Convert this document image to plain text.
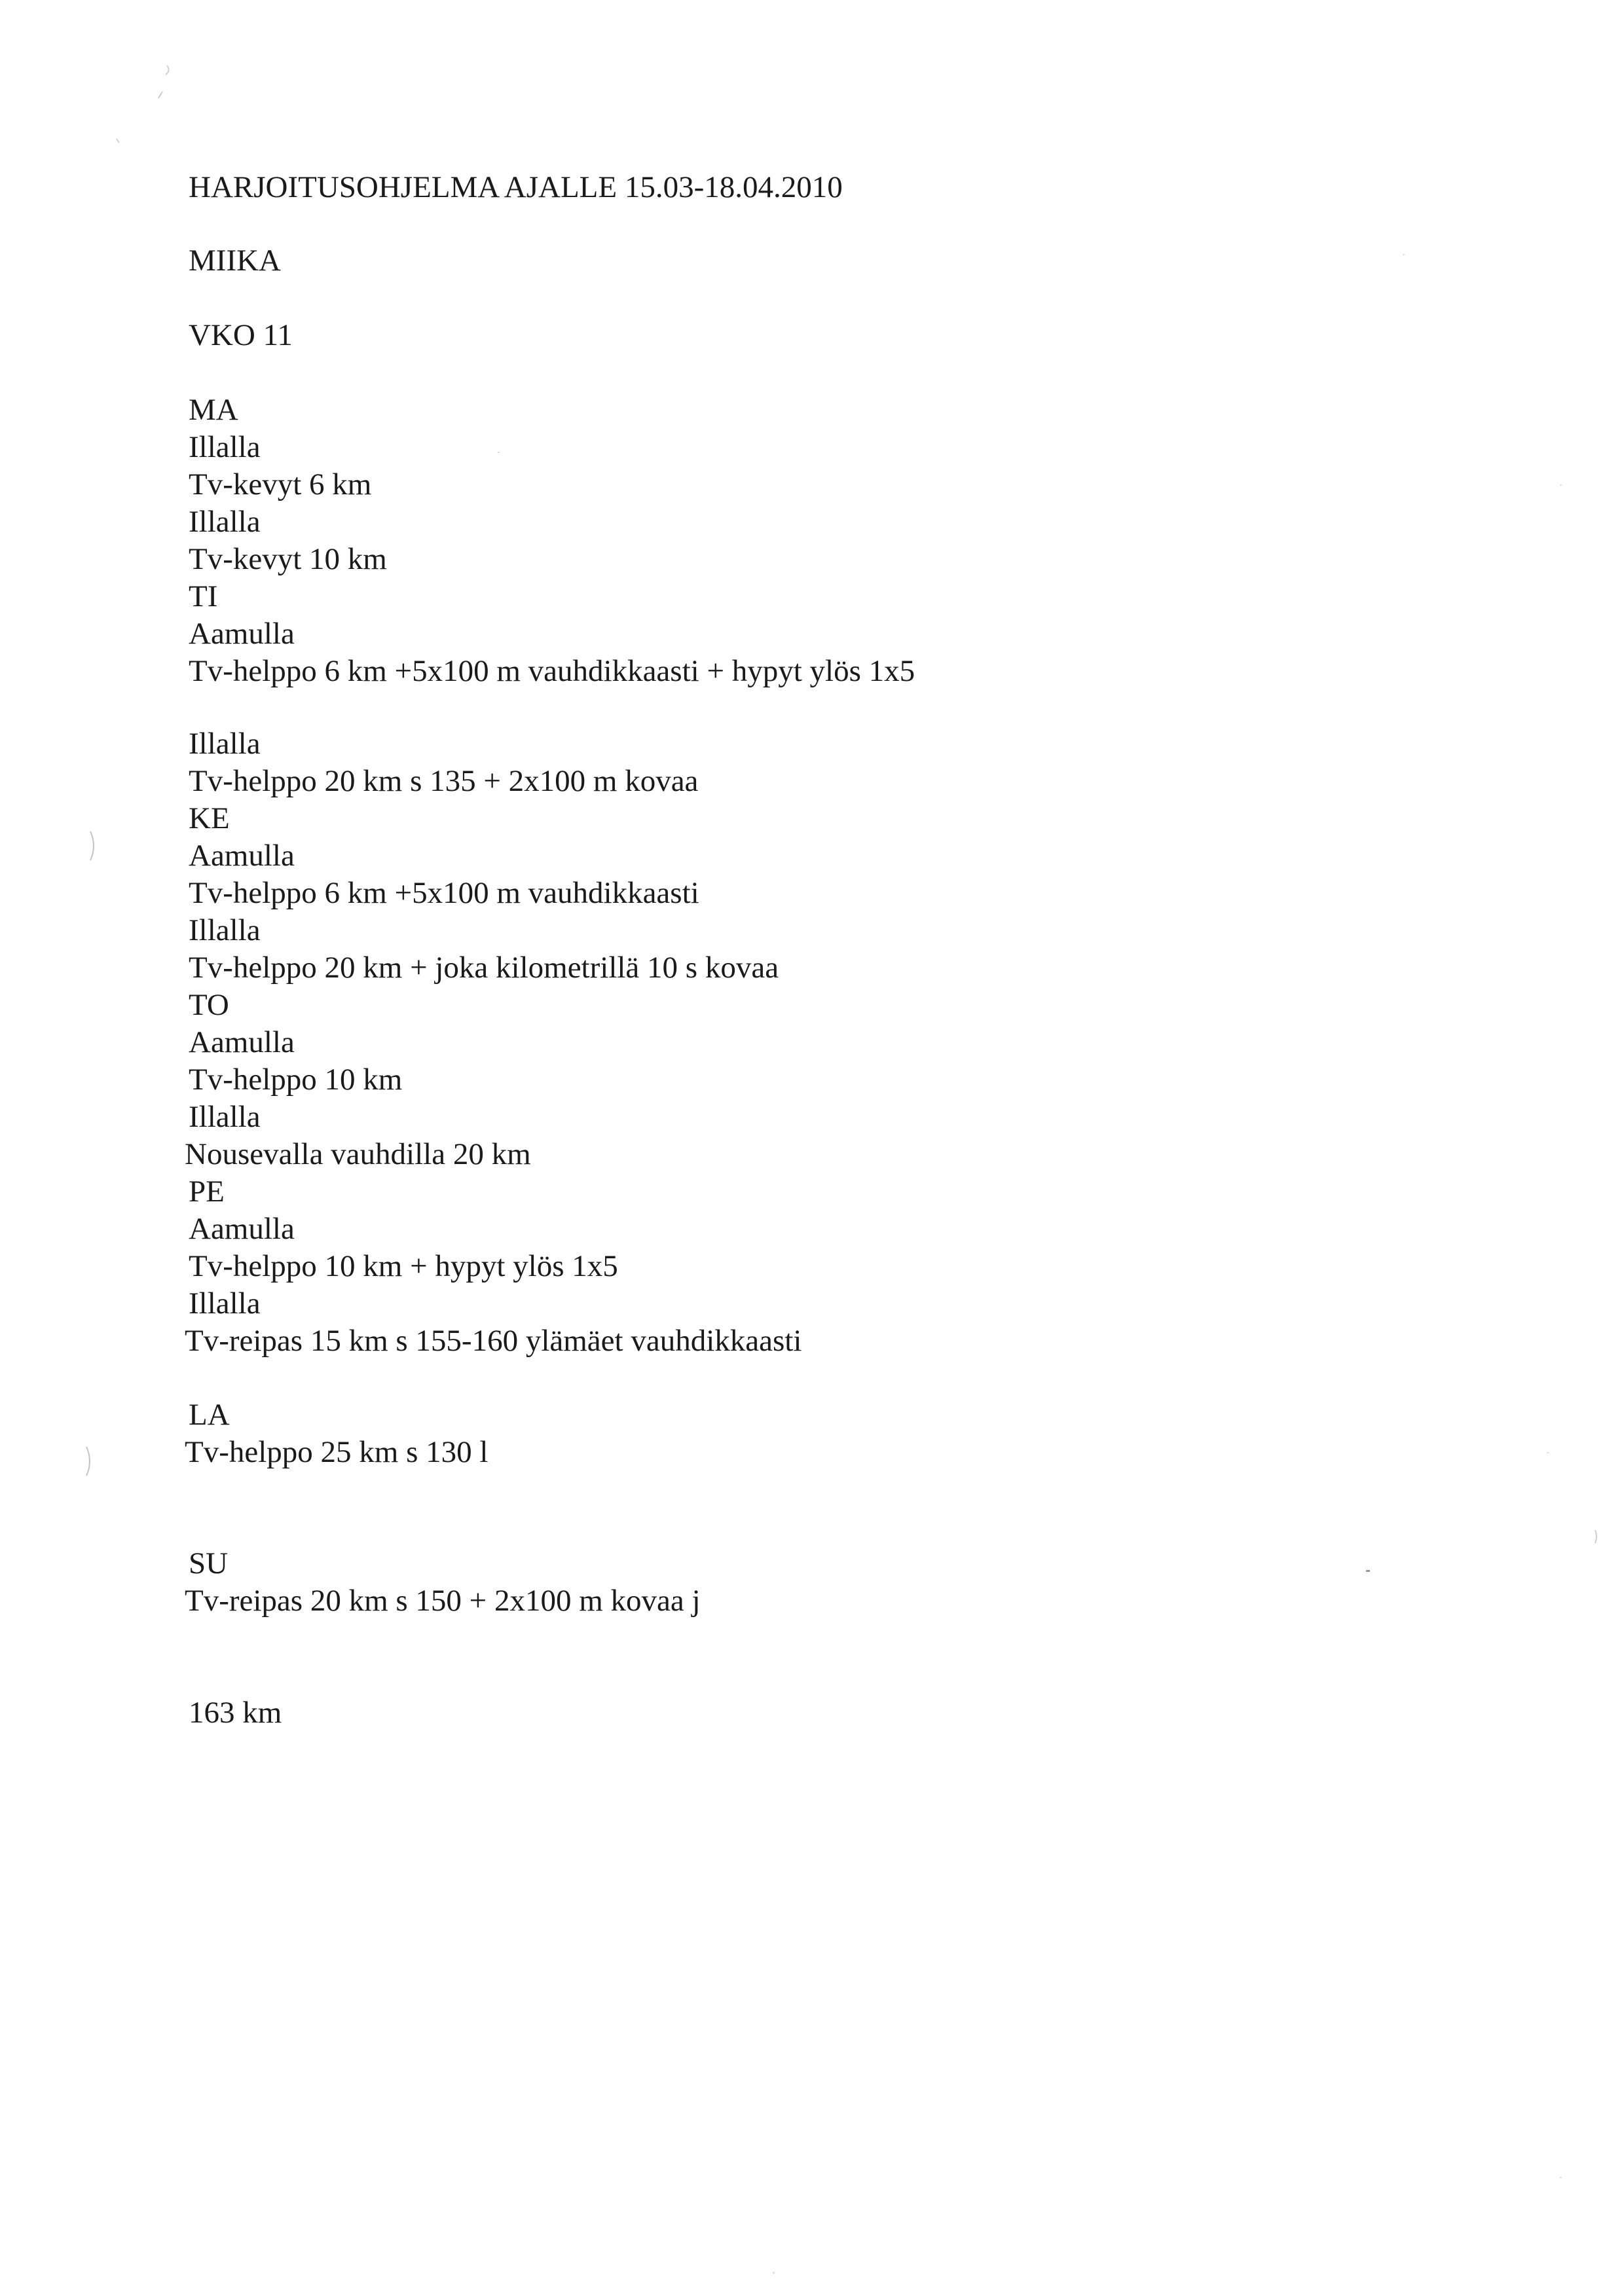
HARJOITUSOHJELMA AJALLE 15.03-18.04.2010
MIIKA
VKO 11
MA
Illalla
Tv-kevyt 6 km
Illalla
Tv-kevyt 10 km
TI
Aamulla
Tv-helppo 6 km +5x100 m vauhdikkaasti + hypyt ylös 1x5
Illalla
Tv-helppo 20 km s 135 + 2x100 m kovaa
KE
Aamulla
Tv-helppo 6 km +5x100 m vauhdikkaasti
Illalla
Tv-helppo 20 km + joka kilometrillä 10 s kovaa
TO
Aamulla
Tv-helppo 10 km
Illalla
Nousevalla vauhdilla 20 km
PE
Aamulla
Tv-helppo 10 km + hypyt ylös 1x5
Illalla
Tv-reipas 15 km s 155-160 ylämäet vauhdikkaasti
LA
Tv-helppo 25 km s 130 l
SU
Tv-reipas 20 km s 150 + 2x100 m kovaa j
163 km
